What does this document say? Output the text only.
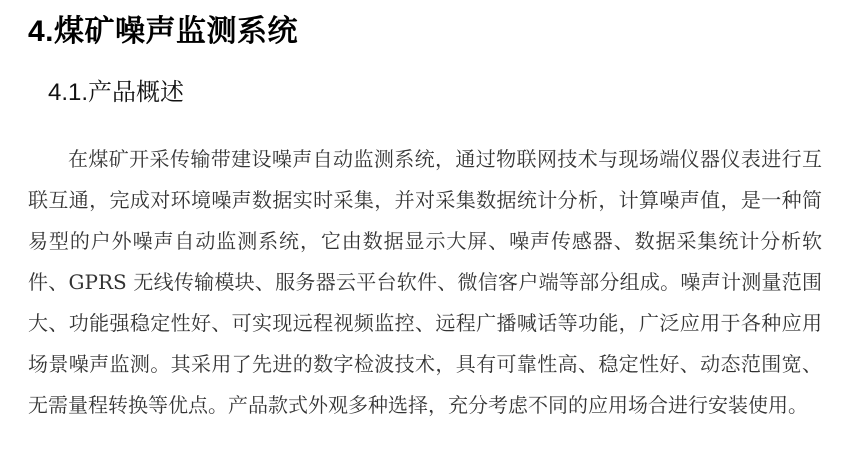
4.煤矿噪声监测系统
4.1.产品概述

在煤矿开采传输带建设噪声自动监测系统，通过物联网技术与现场端仪器仪表进行互联互通，完成对环境噪声数据实时采集，并对采集数据统计分析，计算噪声值，是一种简易型的户外噪声自动监测系统，它由数据显示大屏、噪声传感器、数据采集统计分析软件、GPRS 无线传输模块、服务器云平台软件、微信客户端等部分组成。噪声计测量范围大、功能强稳定性好、可实现远程视频监控、远程广播喊话等功能，广泛应用于各种应用场景噪声监测。其采用了先进的数字检波技术，具有可靠性高、稳定性好、动态范围宽、无需量程转换等优点。产品款式外观多种选择，充分考虑不同的应用场合进行安装使用。
